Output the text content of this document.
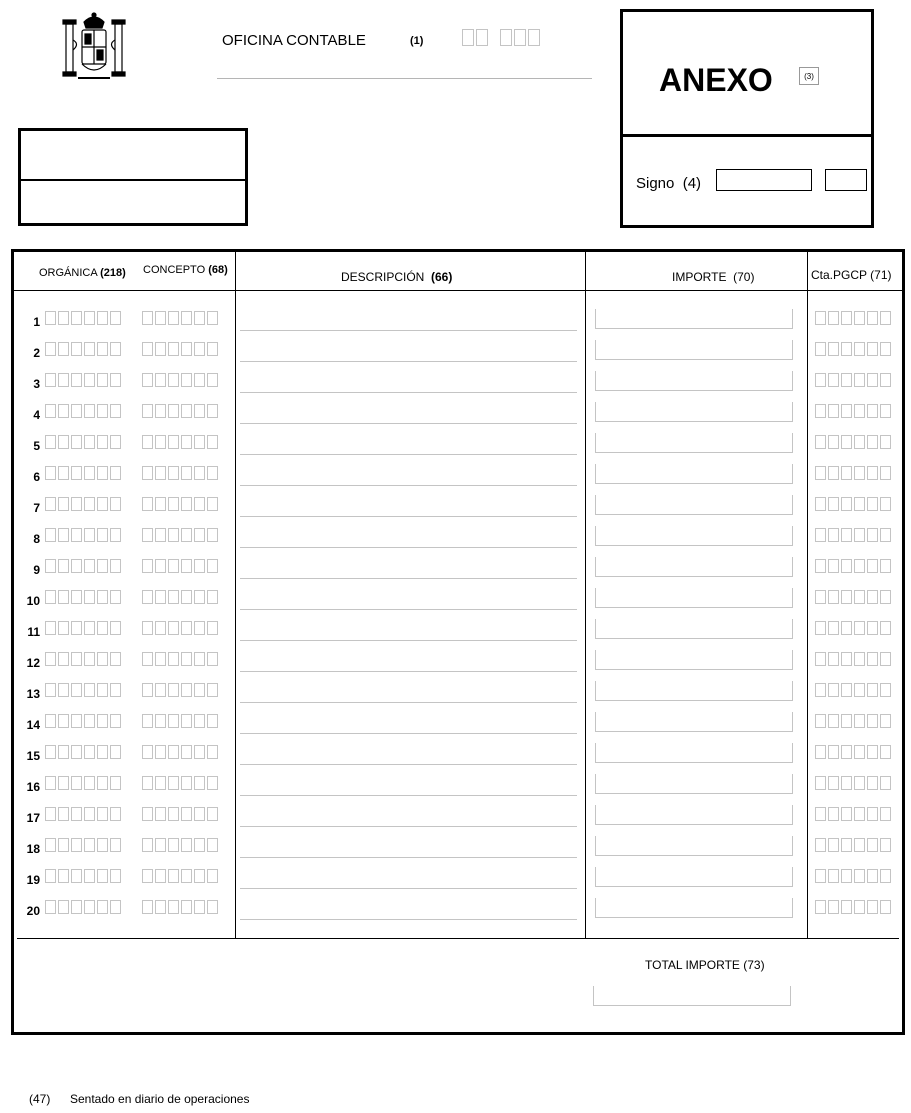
OFICINA CONTABLE	(1)
ANEXO	(3)
Signo (4)
ORGÁNICA (218) CONCEPTO (68)	DESCRIPCIÓN (66)	IMPORTE (70)	Cta.PGCP (71)
1
2
3
4
5
6
7
8
9
10
11
12
13
14
15
16
17
18
19
20
TOTAL IMPORTE (73)
(47) Sentado en diario de operaciones
